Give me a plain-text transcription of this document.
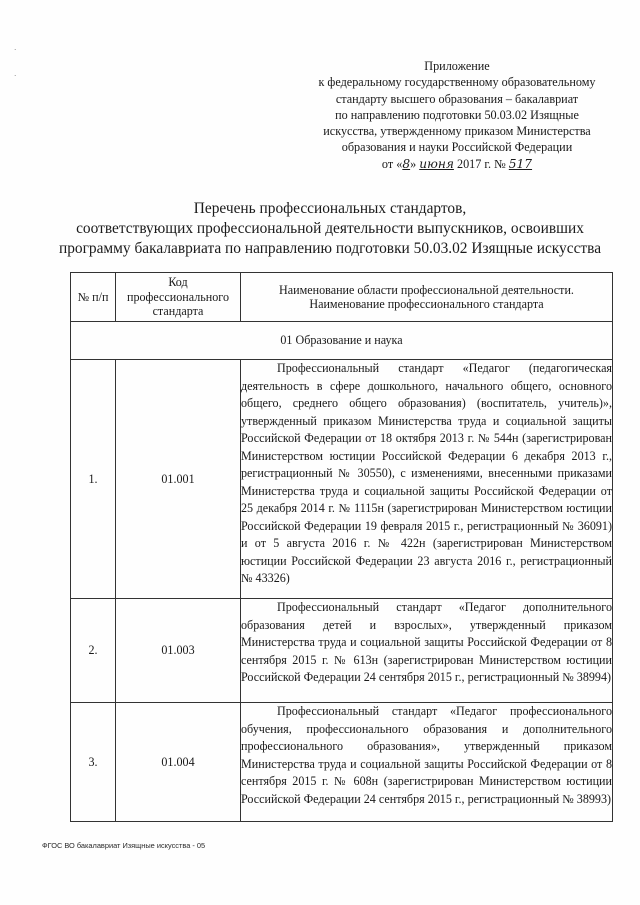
·
·
Приложение
к федеральному государственному образовательному
стандарту высшего образования – бакалавриат
по направлению подготовки 50.03.02 Изящные
искусства, утвержденному приказом Министерства
образования и науки Российской Федерации
от «8» июня 2017 г. № 517
Перечень профессиональных стандартов,
соответствующих профессиональной деятельности выпускников, освоивших
программу бакалавриата по направлению подготовки 50.03.02 Изящные искусства
№ п/п	Код профессионального стандарта	Наименование области профессиональной деятельности.
Наименование профессионального стандарта

01 Образование и наука		
1.	01.001	Профессиональный стандарт «Педагог (педагогическая деятельность в сфере дошкольного, начального общего, основного общего, среднего общего образования) (воспитатель, учитель)», утвержденный приказом Министерства труда и социальной защиты Российской Федерации от 18 октября 2013 г. № 544н (зарегистрирован Министерством юстиции Российской Федерации 6 декабря 2013 г., регистрационный № 30550), с изменениями, внесенными приказами Министерства труда и социальной защиты Российской Федерации от 25 декабря 2014 г. № 1115н (зарегистрирован Министерством юстиции Российской Федерации 19 февраля 2015 г., регистрационный № 36091) и от 5 августа 2016 г. № 422н (зарегистрирован Министерством юстиции Российской Федерации 23 августа 2016 г., регистрационный № 43326)
2.	01.003	Профессиональный стандарт «Педагог дополнительного образования детей и взрослых», утвержденный приказом Министерства труда и социальной защиты Российской Федерации от 8 сентября 2015 г. № 613н (зарегистрирован Министерством юстиции Российской Федерации 24 сентября 2015 г., регистрационный № 38994)
3.	01.004	Профессиональный стандарт «Педагог профессионального обучения, профессионального образования и дополнительного профессионального образования», утвержденный приказом Министерства труда и социальной защиты Российской Федерации от 8 сентября 2015 г. № 608н (зарегистрирован Министерством юстиции Российской Федерации 24 сентября 2015 г., регистрационный № 38993)
ФГОС ВО бакалавриат Изящные искусства - 05
